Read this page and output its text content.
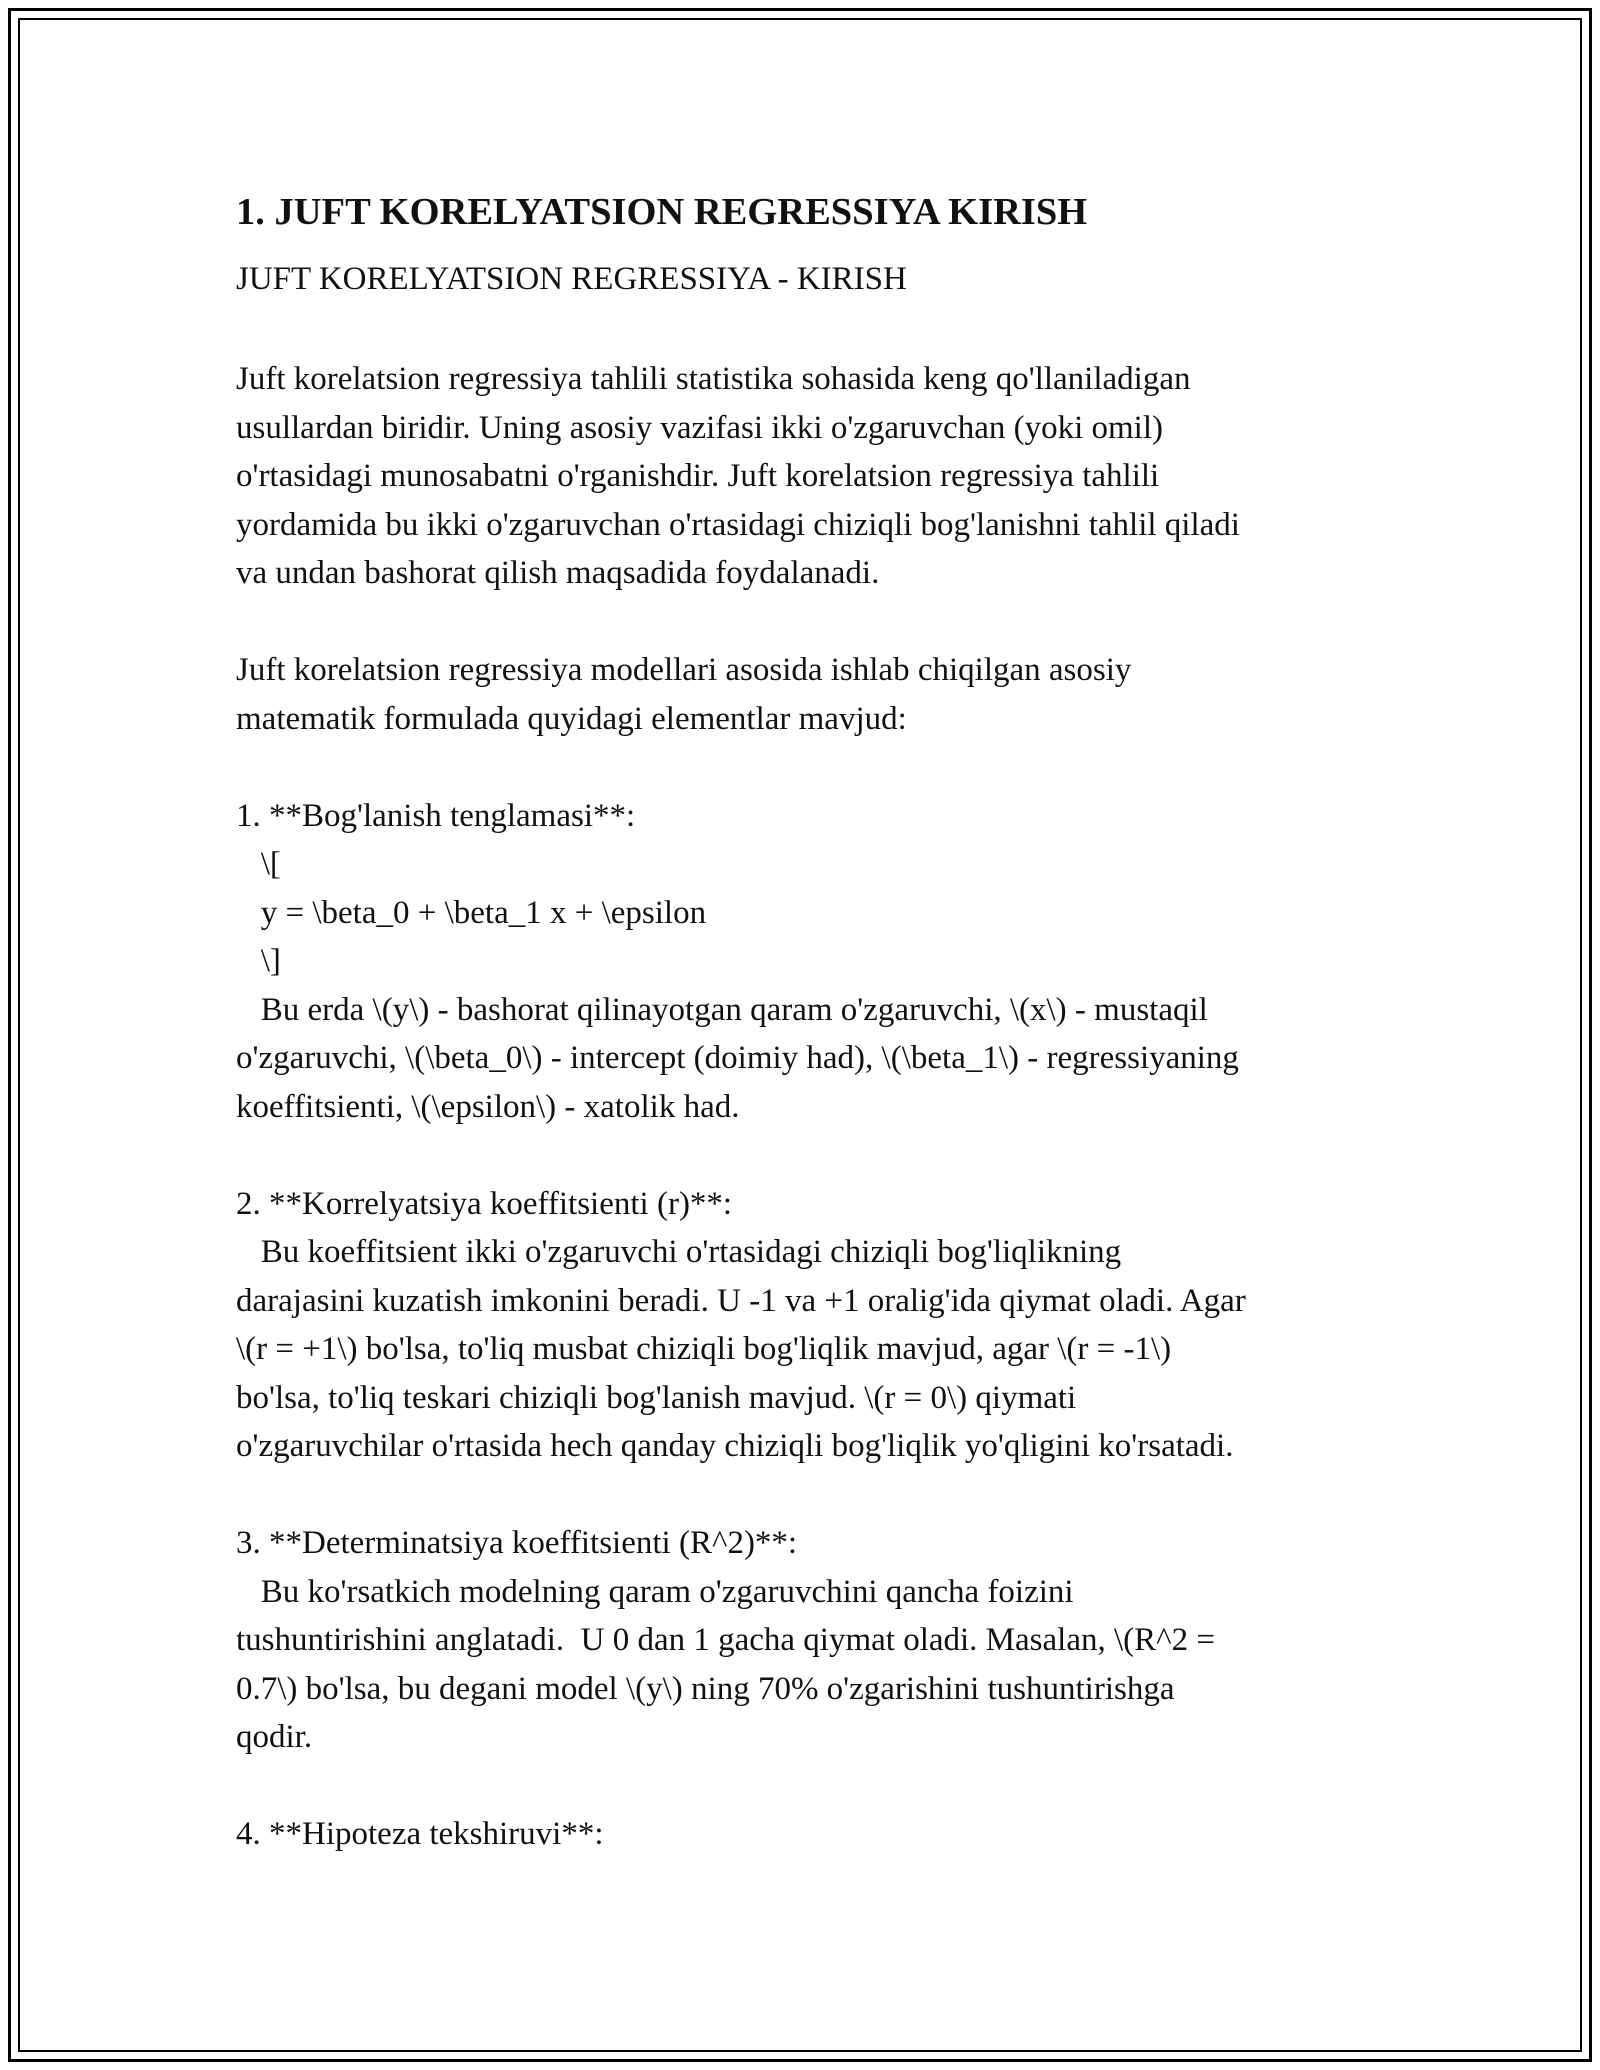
1. JUFT KORELYATSION REGRESSIYA KIRISH
JUFT KORELYATSION REGRESSIYA - KIRISH
Juft korelatsion regressiya tahlili statistika sohasida keng qo'llaniladigan
usullardan biridir. Uning asosiy vazifasi ikki o'zgaruvchan (yoki omil)
o'rtasidagi munosabatni o'rganishdir. Juft korelatsion regressiya tahlili
yordamida bu ikki o'zgaruvchan o'rtasidagi chiziqli bog'lanishni tahlil qiladi
va undan bashorat qilish maqsadida foydalanadi.
Juft korelatsion regressiya modellari asosida ishlab chiqilgan asosiy
matematik formulada quyidagi elementlar mavjud:
1. **Bog'lanish tenglamasi**:
\[
y = \beta_0 + \beta_1 x + \epsilon
\]
Bu erda \(y\) - bashorat qilinayotgan qaram o'zgaruvchi, \(x\) - mustaqil
o'zgaruvchi, \(\beta_0\) - intercept (doimiy had), \(\beta_1\) - regressiyaning
koeffitsienti, \(\epsilon\) - xatolik had.
2. **Korrelyatsiya koeffitsienti (r)**:
Bu koeffitsient ikki o'zgaruvchi o'rtasidagi chiziqli bog'liqlikning
darajasini kuzatish imkonini beradi. U -1 va +1 oralig'ida qiymat oladi. Agar
\(r = +1\) bo'lsa, to'liq musbat chiziqli bog'liqlik mavjud, agar \(r = -1\)
bo'lsa, to'liq teskari chiziqli bog'lanish mavjud. \(r = 0\) qiymati
o'zgaruvchilar o'rtasida hech qanday chiziqli bog'liqlik yo'qligini ko'rsatadi.
3. **Determinatsiya koeffitsienti (R^2)**:
Bu ko'rsatkich modelning qaram o'zgaruvchini qancha foizini
tushuntirishini anglatadi.  U 0 dan 1 gacha qiymat oladi. Masalan, \(R^2 =
0.7\) bo'lsa, bu degani model \(y\) ning 70% o'zgarishini tushuntirishga
qodir.
4. **Hipoteza tekshiruvi**:
